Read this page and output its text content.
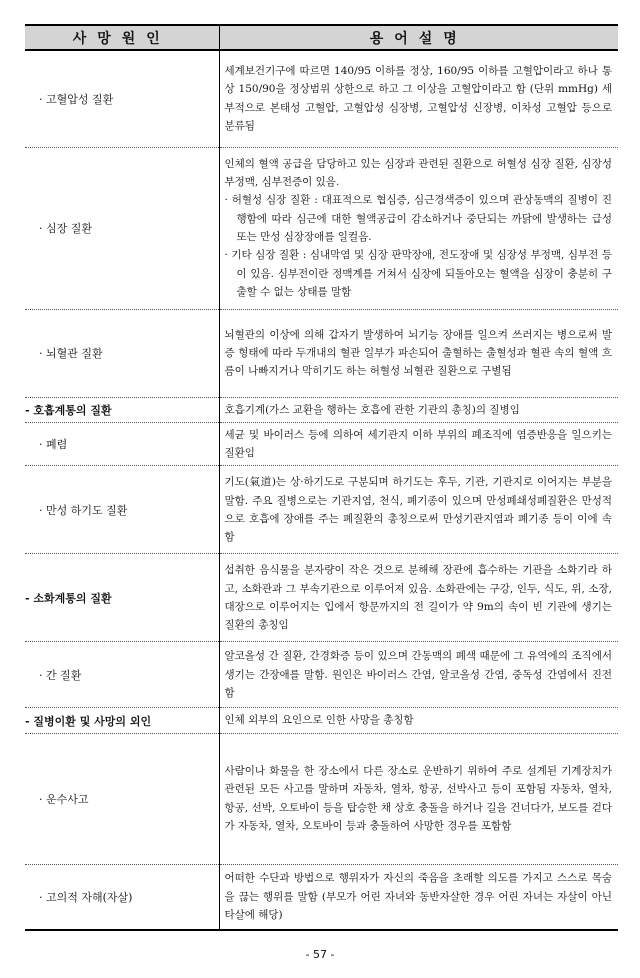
사망원인	용어설명
· 고혈압성 질환	세계보건기구에 따르면 140/95 이하를 정상, 160/95 이하를 고혈압이라고 하나 통상 150/90을 정상범위 상한으로 하고 그 이상을 고혈압이라고 함 (단위 mmHg) 세부적으로 본태성 고혈압, 고혈압성 심장병, 고혈압성 신장병, 이차성 고혈압 등으로 분류됨
· 심장 질환	인체의 혈액 공급을 담당하고 있는 심장과 관련된 질환으로 허혈성 심장 질환, 심장성 부정맥, 심부전증이 있음.
· 허혈성 심장 질환 : 대표적으로 협심증, 심근경색증이 있으며 관상동맥의 질병이 진행함에 따라 심근에 대한 혈액공급이 감소하거나 중단되는 까닭에 발생하는 급성 또는 만성 심장장애를 일컬음.
· 기타 심장 질환 : 심내막염 및 심장 판막장애, 전도장애 및 심장성 부정맥, 심부전 등이 있음. 심부전이란 정맥계를 거쳐서 심장에 되돌아오는 혈액을 심장이 충분히 구출할 수 없는 상태를 말함

· 뇌혈관 질환	뇌혈관의 이상에 의해 갑자기 발생하여 뇌기능 장애를 일으켜 쓰러지는 병으로써 발증 형태에 따라 두개내의 혈관 일부가 파손되어 출혈하는 출혈성과 혈관 속의 혈액 흐름이 나빠지거나 막히기도 하는 허혈성 뇌혈관 질환으로 구별됨
- 호흡계통의 질환	호흡기계(가스 교환을 행하는 호흡에 관한 기관의 총칭)의 질병임
· 폐렴	세균 및 바이러스 등에 의하여 세기관지 이하 부위의 폐조직에 염증반응을 일으키는 질환임
· 만성 하기도 질환	기도(氣道)는 상·하기도로 구분되며 하기도는 후두, 기관, 기관지로 이어지는 부분을 말함. 주요 질병으로는 기관지염, 천식, 폐기종이 있으며 만성폐쇄성폐질환은 만성적으로 호흡에 장애를 주는 폐질환의 총칭으로써 만성기관지염과 폐기종 등이 이에 속함
- 소화계통의 질환	섭취한 음식물을 분자량이 작은 것으로 분해해 장관에 흡수하는 기관을 소화기라 하고, 소화관과 그 부속기관으로 이루어져 있음. 소화관에는 구강, 인두, 식도, 위, 소장, 대장으로 이루어지는 입에서 항문까지의 전 길이가 약 9m의 속이 빈 기관에 생기는 질환의 총칭임
· 간 질환	알코올성 간 질환, 간경화증 등이 있으며 간동맥의 폐색 때문에 그 유역에의 조직에서 생기는 간장애를 말함. 원인은 바이러스 간염, 알코올성 간염, 중독성 간염에서 진전함
- 질병이환 및 사망의 외인	인체 외부의 요인으로 인한 사망을 총칭함
· 운수사고	사람이나 화물을 한 장소에서 다른 장소로 운반하기 위하여 주로 설계된 기계장치가 관련된 모든 사고를 말하며 자동차, 열차, 항공, 선박사고 등이 포함됨 자동차, 열차, 항공, 선박, 오토바이 등을 탑승한 채 상호 충돌을 하거나 길을 건너다가, 보도를 걷다가 자동차, 열차, 오토바이 등과 충돌하여 사망한 경우를 포함함
· 고의적 자해(자살)	어떠한 수단과 방법으로 행위자가 자신의 죽음을 초래할 의도를 가지고 스스로 목숨을 끊는 행위를 말함 (부모가 어린 자녀와 동반자살한 경우 어린 자녀는 자살이 아닌 타살에 해당)
- 57 -
